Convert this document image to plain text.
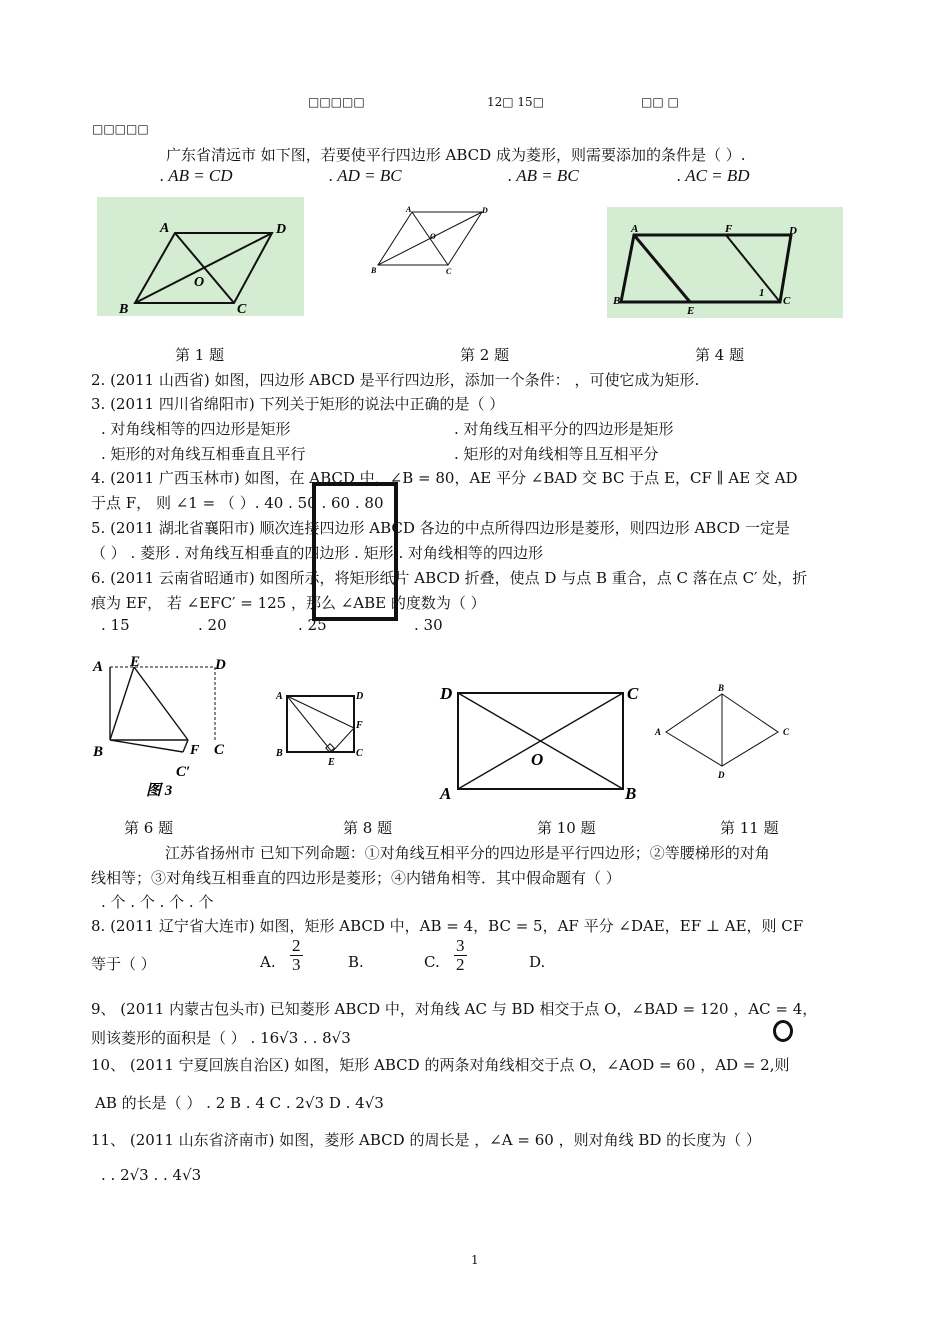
□□□□□	12□ 15□	□□ □
□□□□□
广东省清远市 如下图，若要使平行四边形 ABCD 成为菱形，则需要添加的条件是（ ）.
. AB = CD	. AD = BC	. AB = BC	. AC = BD
A	D
B	C
O
A	D
B	C
O
A	F	D
B
E
C
1
第 1 题	第 2 题	第 4 题
2. (2011 山西省) 如图，四边形 ABCD 是平行四边形，添加一个条件： ，可使它成为矩形.
3. (2011 四川省绵阳市) 下列关于矩形的说法中正确的是（ ）
. 对角线相等的四边形是矩形	. 对角线互相平分的四边形是矩形
. 矩形的对角线互相垂直且平行	. 矩形的对角线相等且互相平分
4. (2011 广西玉林市) 如图，在 ABCD 中，∠B = 80，AE 平分 ∠BAD 交 BC 于点 E，CF ∥ AE 交 AD
于点 F， 则 ∠1 = （ ）. 40 . 50 . 60 . 80
5. (2011 湖北省襄阳市) 顺次连接四边形 ABCD 各边的中点所得四边形是菱形，则四边形 ABCD 一定是
（ ） . 菱形 . 对角线互相垂直的四边形 . 矩形 . 对角线相等的四边形
6. (2011 云南省昭通市) 如图所示，将矩形纸片 ABCD 折叠，使点 D 与点 B 重合，点 C 落在点 C′ 处，折
痕为 EF， 若 ∠EFC′ = 125 ，那么 ∠ABE 的度数为（ ）
. 15	. 20	. 25	. 30
A E	D
B	F C
C′
图 3
A	D
B	C
F
E
D	C
A	B
O
B
C
A
D
第 6 题	第 8 题	第 10 题	第 11 题
江苏省扬州市 已知下列命题：①对角线互相平分的四边形是平行四边形；②等腰梯形的对角
线相等；③对角线互相垂直的四边形是菱形；④内错角相等．其中假命题有（ ）
. 个 . 个 . 个 . 个
8. (2011 辽宁省大连市) 如图，矩形 ABCD 中，AB = 4，BC = 5，AF 平分 ∠DAE，EF ⊥ AE，则 CF
等于（ ）	A. $\frac{2}{3}$	B.	C. $\frac{3}{2}$	D.
9、 (2011 内蒙古包头市) 已知菱形 ABCD 中，对角线 AC 与 BD 相交于点 O，∠BAD = 120 ，AC = 4，
则该菱形的面积是（ ） . 16√3 . . 8√3
10、 (2011 宁夏回族自治区) 如图，矩形 ABCD 的两条对角线相交于点 O，∠AOD = 60 ，AD = 2,则
AB 的长是（ ） . 2 B . 4 C . 2√3 D . 4√3
11、 (2011 山东省济南市) 如图，菱形 ABCD 的周长是 ，∠A = 60 ，则对角线 BD 的长度为（ ）
. . 2√3 . . 4√3
1
